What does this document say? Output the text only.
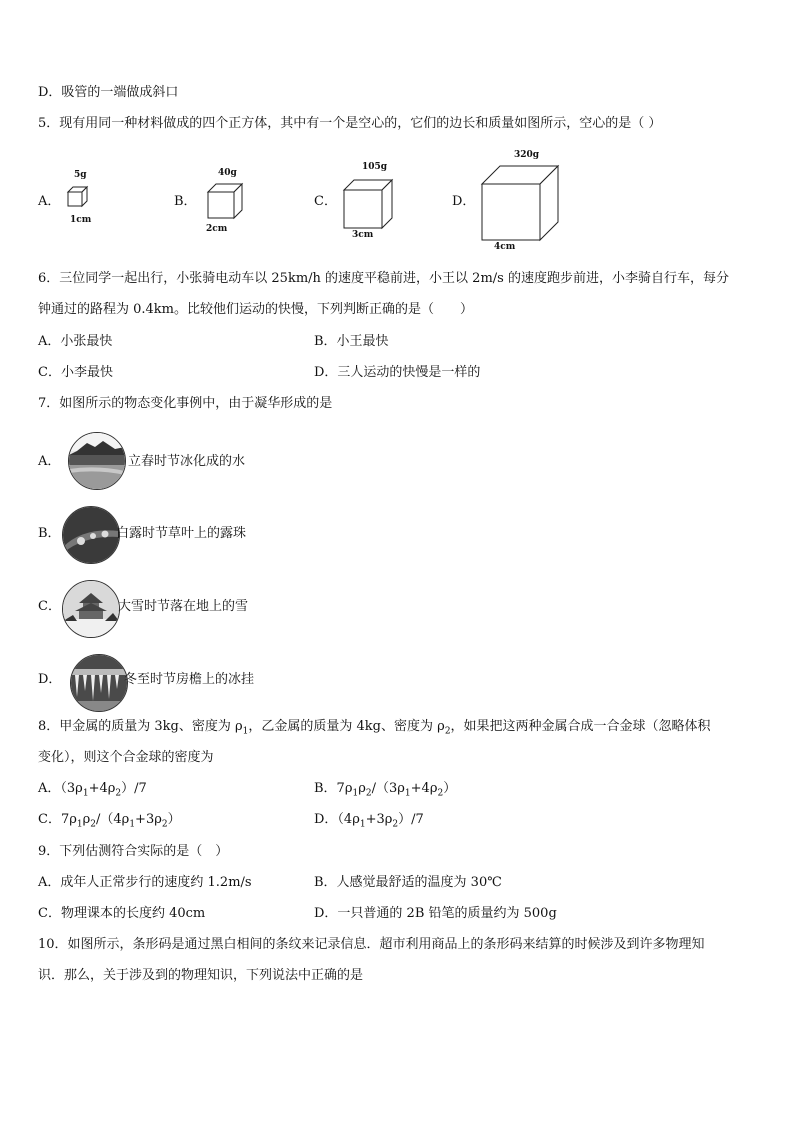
D．吸管的一端做成斜口
5．现有用同一种材料做成的四个正方体，其中有一个是空心的，它们的边长和质量如图所示，空心的是（ ）
A．
5g
1cm
B．
40g
2cm
C．
105g
3cm
D．
320g
4cm
6．三位同学一起出行，小张骑电动车以 25km/h 的速度平稳前进，小王以 2m/s 的速度跑步前进，小李骑自行车，每分
钟通过的路程为 0.4km。比较他们运动的快慢，下列判断正确的是（　　）
A．小张最快	B．小王最快
C．小李最快	D．三人运动的快慢是一样的
7．如图所示的物态变化事例中，由于凝华形成的是
A．	立春时节冰化成的水
B．	白露时节草叶上的露珠
C．	大雪时节落在地上的雪
D．	冬至时节房檐上的冰挂
8．甲金属的质量为 3kg、密度为 $\rho_1$，乙金属的质量为 4kg、密度为 $\rho_2$，如果把这两种金属合成一合金球（忽略体积
变化），则这个合金球的密度为
A．$(3\rho_1+4\rho_2)/7$	B．$7\rho_1\rho_2/(3\rho_1+4\rho_2)$
C．$7\rho_1\rho_2/(4\rho_1+3\rho_2)$	D．$(4\rho_1+3\rho_2)/7$
9．下列估测符合实际的是（　）
A．成年人正常步行的速度约 1.2m/s	B．人感觉最舒适的温度为 30℃
C．物理课本的长度约 40cm	D．一只普通的 2B 铅笔的质量约为 500g
10．如图所示，条形码是通过黑白相间的条纹来记录信息．超市利用商品上的条形码来结算的时候涉及到许多物理知
识．那么，关于涉及到的物理知识，下列说法中正确的是
